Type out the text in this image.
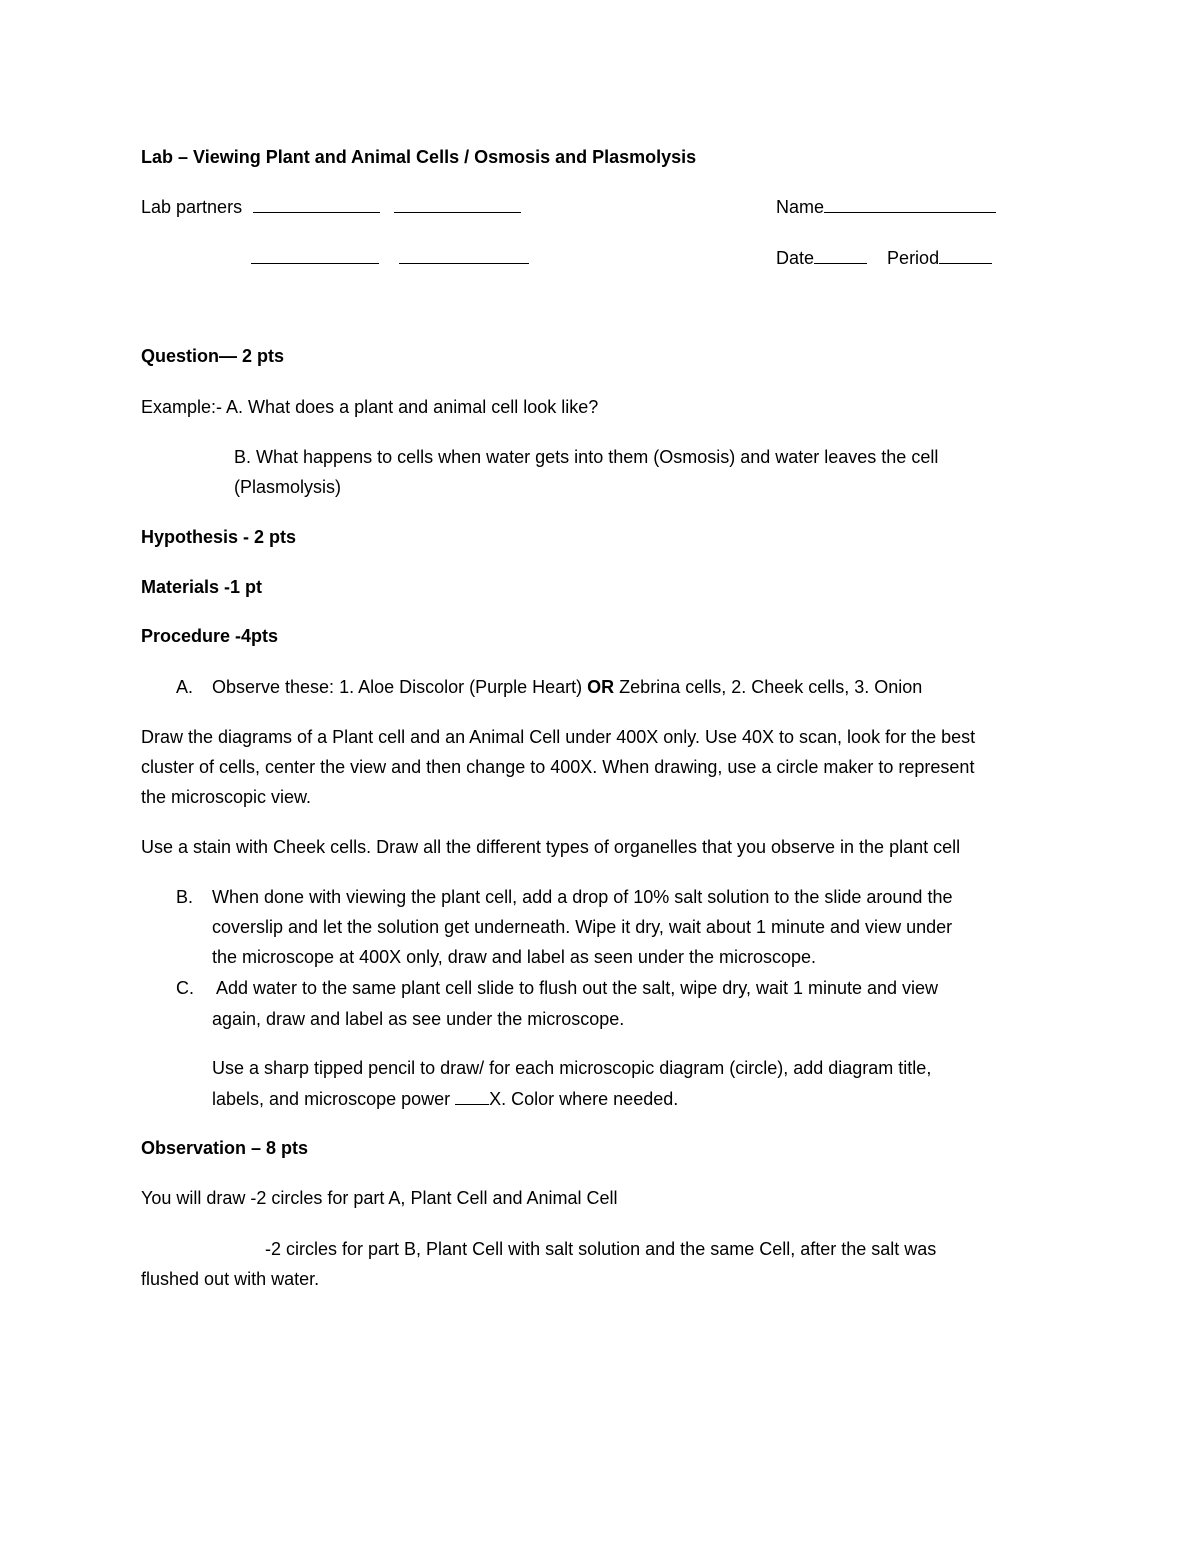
Lab – Viewing Plant and Animal Cells / Osmosis and Plasmolysis
Lab partners	Name

Date	Period
Question— 2 pts
Example:- A. What does a plant and animal cell look like?
B. What happens to cells when water gets into them (Osmosis) and water leaves the cell
(Plasmolysis)
Hypothesis - 2 pts
Materials -1 pt
Procedure -4pts
A. Observe these: 1. Aloe Discolor (Purple Heart) OR Zebrina cells, 2. Cheek cells, 3. Onion
Draw the diagrams of a Plant cell and an Animal Cell under 400X only. Use 40X to scan, look for the best
cluster of cells, center the view and then change to 400X. When drawing, use a circle maker to represent
the microscopic view.
Use a stain with Cheek cells. Draw all the different types of organelles that you observe in the plant cell
B. When done with viewing the plant cell, add a drop of 10% salt solution to the slide around the
coverslip and let the solution get underneath. Wipe it dry, wait about 1 minute and view under
the microscope at 400X only, draw and label as seen under the microscope.
C. Add water to the same plant cell slide to flush out the salt, wipe dry, wait 1 minute and view
again, draw and label as see under the microscope.
Use a sharp tipped pencil to draw/ for each microscopic diagram (circle), add diagram title,
labels, and microscope power X. Color where needed.
Observation – 8 pts
You will draw -2 circles for part A, Plant Cell and Animal Cell
-2 circles for part B, Plant Cell with salt solution and the same Cell, after the salt was
flushed out with water.
